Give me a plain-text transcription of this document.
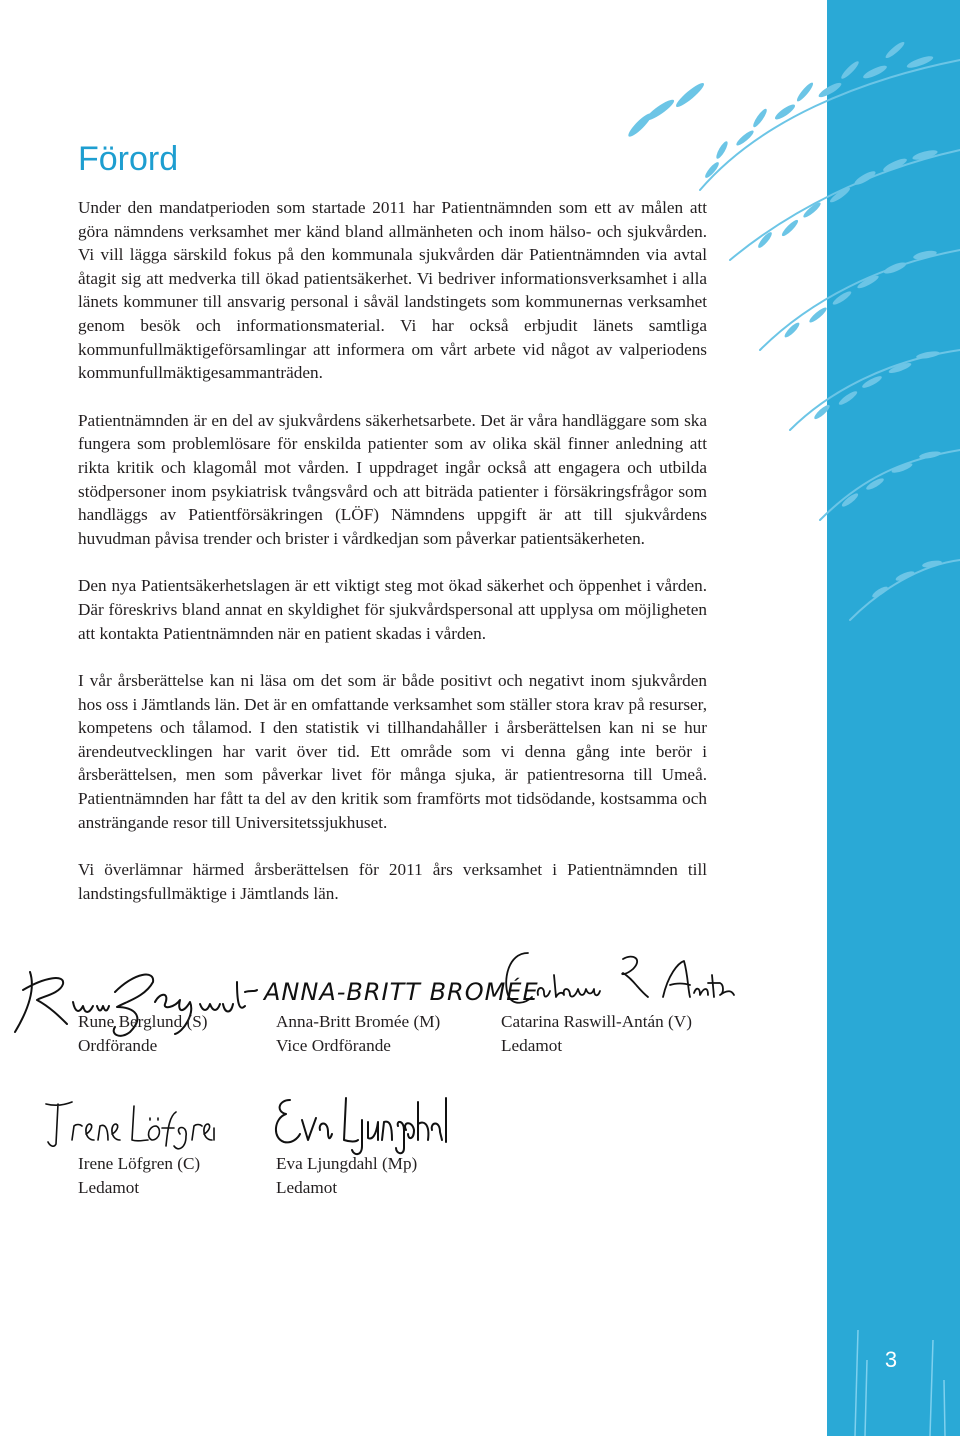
3
Förord

Under den mandatperioden som startade 2011 har Patientnämnden som ett av målen att göra nämndens verksamhet mer känd bland allmänheten och inom hälso- och sjukvården. Vi vill lägga särskild fokus på den kommunala sjukvården där Patientnämnden via avtal åtagit sig att medverka till ökad patientsäkerhet. Vi bedriver informationsverksamhet i alla länets kommuner till ansvarig personal i såväl landstingets som kommunernas verksamhet genom besök och informationsmaterial. Vi har också erbjudit länets samtliga kommunfullmäktigeförsamlingar att informera om vårt arbete vid något av valperiodens kommunfullmäktigesammanträden.

Patientnämnden är en del av sjukvårdens säkerhetsarbete. Det är våra handläggare som ska fungera som problemlösare för enskilda patienter som av olika skäl finner anledning att rikta kritik och klagomål mot vården. I uppdraget ingår också att engagera och utbilda stödpersoner inom psykiatrisk tvångsvård och att biträda patienter i försäkringsfrågor som handläggs av Patientförsäkringen (LÖF) Nämndens uppgift är att till sjukvårdens huvudman påvisa trender och brister i vårdkedjan som påverkar patientsäkerheten.

Den nya Patientsäkerhetslagen är ett viktigt steg mot ökad säkerhet och öppenhet i vården. Där föreskrivs bland annat en skyldighet för sjukvårdspersonal att upplysa om möjligheten att kontakta Patientnämnden när en patient skadas i vården.

I vår årsberättelse kan ni läsa om det som är både positivt och negativt inom sjukvården hos oss i Jämtlands län. Det är en omfattande verksamhet som ställer stora krav på resurser, kompetens och tålamod. I den statistik vi tillhandahåller i årsberättelsen kan ni se hur ärendeutvecklingen har varit över tid. Ett område som vi denna gång inte berör i årsberättelsen, men som påverkar livet för många sjuka, är patientresorna till Umeå. Patientnämnden har fått ta del av den kritik som framförts mot tidsödande, kostsamma och ansträngande resor till Universitetssjukhuset.

Vi överlämnar härmed årsberättelsen för 2011 års verksamhet i Patientnämnden till landstingsfullmäktige i Jämtlands län.

ANNA-BRITT BROMÉE
Rune Berglund (S)
Ordförande
Anna-Britt Bromée (M)
Vice Ordförande
Catarina Raswill-Antán (V)
Ledamot
Irene Löfgren (C)
Ledamot
Eva Ljungdahl (Mp)
Ledamot
